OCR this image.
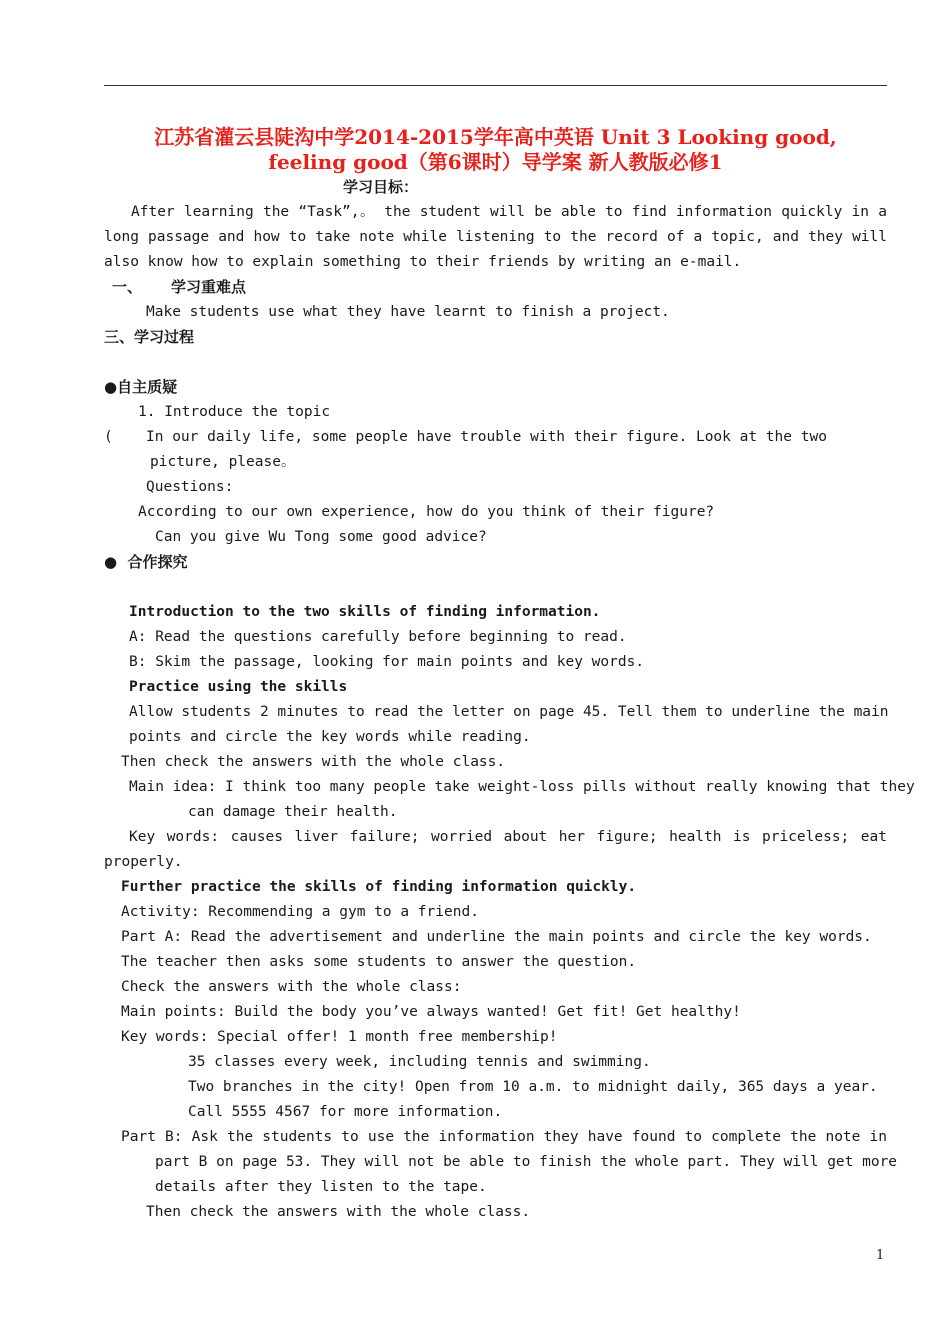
江苏省灌云县陡沟中学2014-2015学年高中英语 Unit 3 Looking good,
feeling good（第6课时）导学案 新人教版必修1
学习目标：
After learning the “Task”,。 the student will be able to find information quickly in a
long passage and how to take note while listening to the record of a topic, and they will
also know how to explain something to their friends by writing an e-mail.
一、 学习重难点
Make students use what they have learnt to finish a project.
三、学习过程
●自主质疑
1. Introduce the topic
( In our daily life, some people have trouble with their figure. Look at the two
picture, please。
Questions:
According to our own experience, how do you think of their figure?
Can you give Wu Tong some good advice?
●  合作探究
Introduction to the two skills of finding information.
A: Read the questions carefully before beginning to read.
B: Skim the passage, looking for main points and key words.
Practice using the skills
Allow students 2 minutes to read the letter on page 45. Tell them to underline the main
points and circle the key words while reading.
Then check the answers with the whole class.
Main idea: I think too many people take weight-loss pills without really knowing that they
can damage their health.
Key words: causes liver failure; worried about her figure; health is priceless; eat
properly.
Further practice the skills of finding information quickly.
Activity: Recommending a gym to a friend.
Part A: Read the advertisement and underline the main points and circle the key words.
The teacher then asks some students to answer the question.
Check the answers with the whole class:
Main points: Build the body you’ve always wanted! Get fit! Get healthy!
Key words: Special offer! 1 month free membership!
35 classes every week, including tennis and swimming.
Two branches in the city! Open from 10 a.m. to midnight daily, 365 days a year.
Call 5555 4567 for more information.
Part B: Ask the students to use the information they have found to complete the note in
part B on page 53. They will not be able to finish the whole part. They will get more
details after they listen to the tape.
Then check the answers with the whole class.
1
